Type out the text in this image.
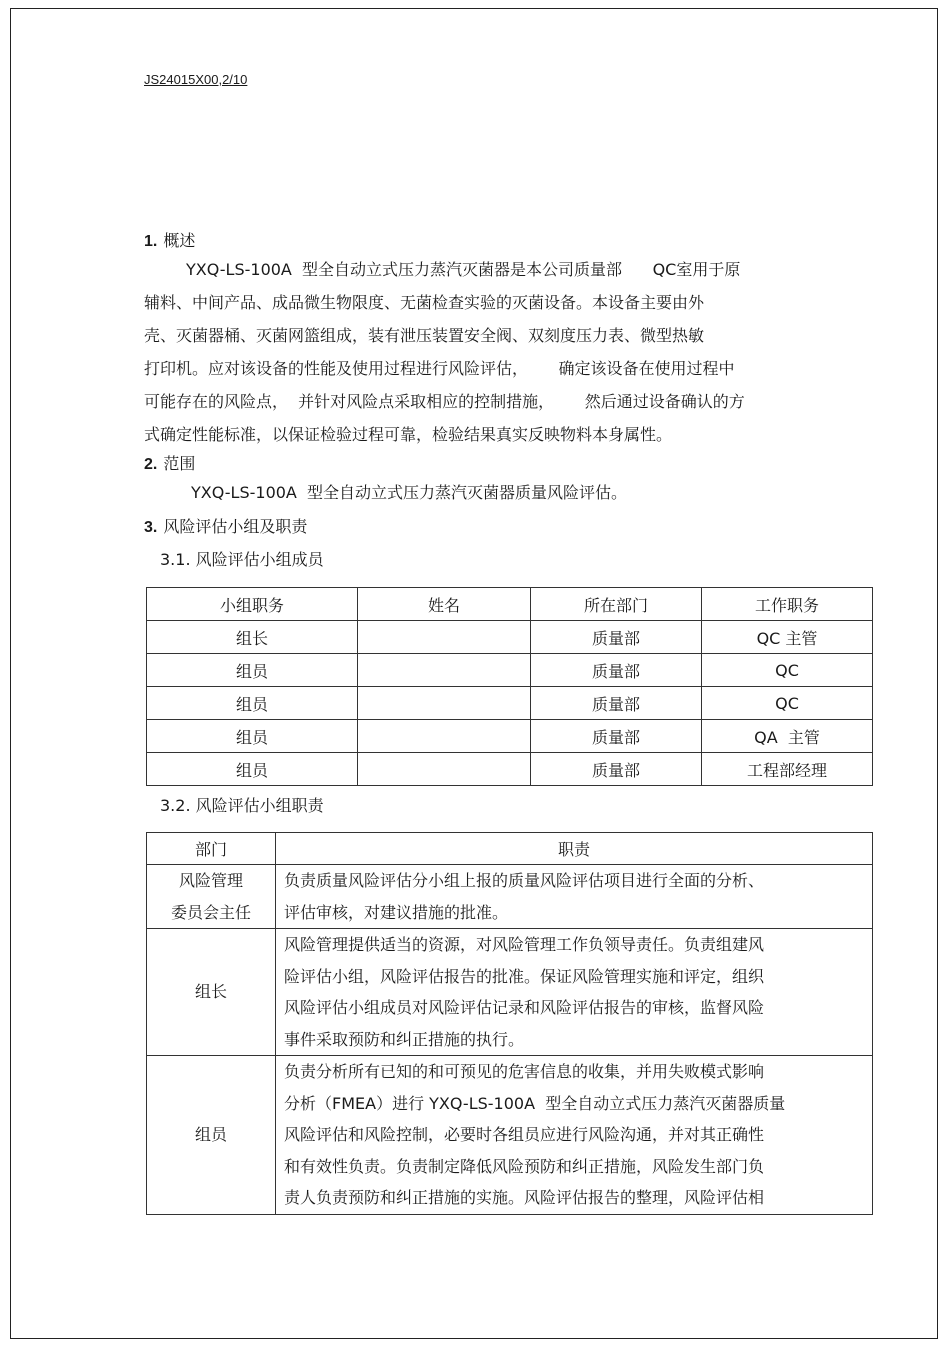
JS24015X00,2/10
1. 概述
YXQ-LS-100A  型全自动立式压力蒸汽灭菌器是本公司质量部      QC室用于原
辅料、中间产品、成品微生物限度、无菌检查实验的灭菌设备。本设备主要由外
壳、灭菌器桶、灭菌网篮组成，装有泄压装置安全阀、双刻度压力表、微型热敏
打印机。应对该设备的性能及使用过程进行风险评估，      确定该设备在使用过程中
可能存在的风险点，  并针对风险点采取相应的控制措施，      然后通过设备确认的方
式确定性能标准，以保证检验过程可靠，检验结果真实反映物料本身属性。
2. 范围
YXQ-LS-100A  型全自动立式压力蒸汽灭菌器质量风险评估。
3. 风险评估小组及职责
3.1. 风险评估小组成员
小组职务	姓名	所在部门	工作职务
组长		质量部	QC 主管
组员		质量部	QC
组员		质量部	QC
组员		质量部	QA  主管
组员		质量部	工程部经理
3.2. 风险评估小组职责
部门	职责

风险管理
委员会主任	负责质量风险评估分小组上报的质量风险评估项目进行全面的分析、
评估审核，对建议措施的批准。

组长	风险管理提供适当的资源，对风险管理工作负领导责任。负责组建风
险评估小组，风险评估报告的批准。保证风险管理实施和评定，组织
风险评估小组成员对风险评估记录和风险评估报告的审核，监督风险
事件采取预防和纠正措施的执行。

组员	负责分析所有已知的和可预见的危害信息的收集，并用失败模式影响
分析（FMEA）进行 YXQ-LS-100A  型全自动立式压力蒸汽灭菌器质量
风险评估和风险控制，必要时各组员应进行风险沟通，并对其正确性
和有效性负责。负责制定降低风险预防和纠正措施，风险发生部门负
责人负责预防和纠正措施的实施。风险评估报告的整理，风险评估相
